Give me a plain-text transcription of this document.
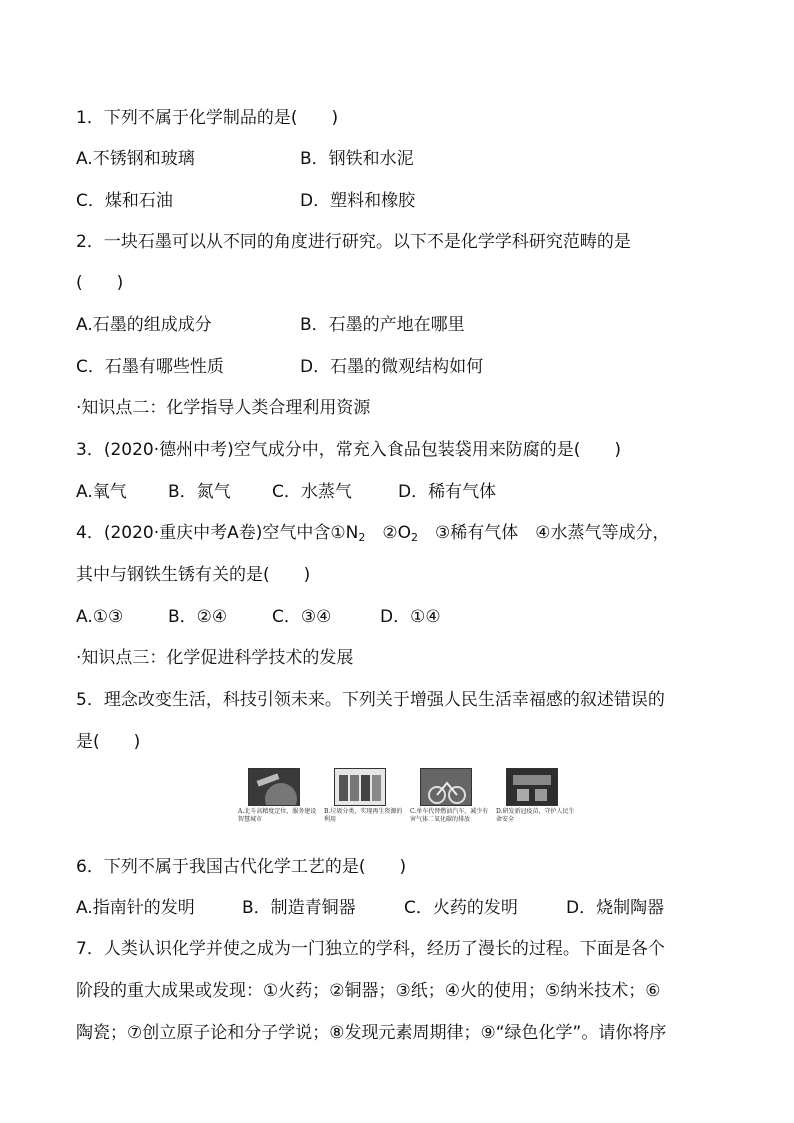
1．下列不属于化学制品的是(　　)
A.不锈钢和玻璃	B．钢铁和水泥
C．煤和石油	D．塑料和橡胶
2．一块石墨可以从不同的角度进行研究。以下不是化学学科研究范畴的是
(　　)
A.石墨的组成成分	B．石墨的产地在哪里
C．石墨有哪些性质	D．石墨的微观结构如何
·知识点二：化学指导人类合理利用资源
3．(2020·德州中考)空气成分中，常充入食品包装袋用来防腐的是(　　)
A.氧气 B．氮气 C．水蒸气	D．稀有气体
4．(2020·重庆中考A卷)空气中含$①N_2$　$②O_2$　③稀有气体　④水蒸气等成分，
其中与钢铁生锈有关的是(　　)
A.①③	B．②④	C．③④	D．①④
·知识点三：化学促进科学技术的发展
5．理念改变生活，科技引领未来。下列关于增强人民生活幸福感的叙述错误的
是(　　)
A.北斗高精度定位，服务建设智慧城市
B.垃圾分类，实现再生资源的利用
C.单车代替燃油汽车，减少有害气体二氧化碳的排放
D.研发新冠疫苗，守护人民生命安全
6．下列不属于我国古代化学工艺的是(　　)
A.指南针的发明	B．制造青铜器	C．火药的发明	D．烧制陶器
7．人类认识化学并使之成为一门独立的学科，经历了漫长的过程。下面是各个
阶段的重大成果或发现：①火药；②铜器；③纸；④火的使用；⑤纳米技术；⑥
陶瓷；⑦创立原子论和分子学说；⑧发现元素周期律；⑨“绿色化学”。请你将序
